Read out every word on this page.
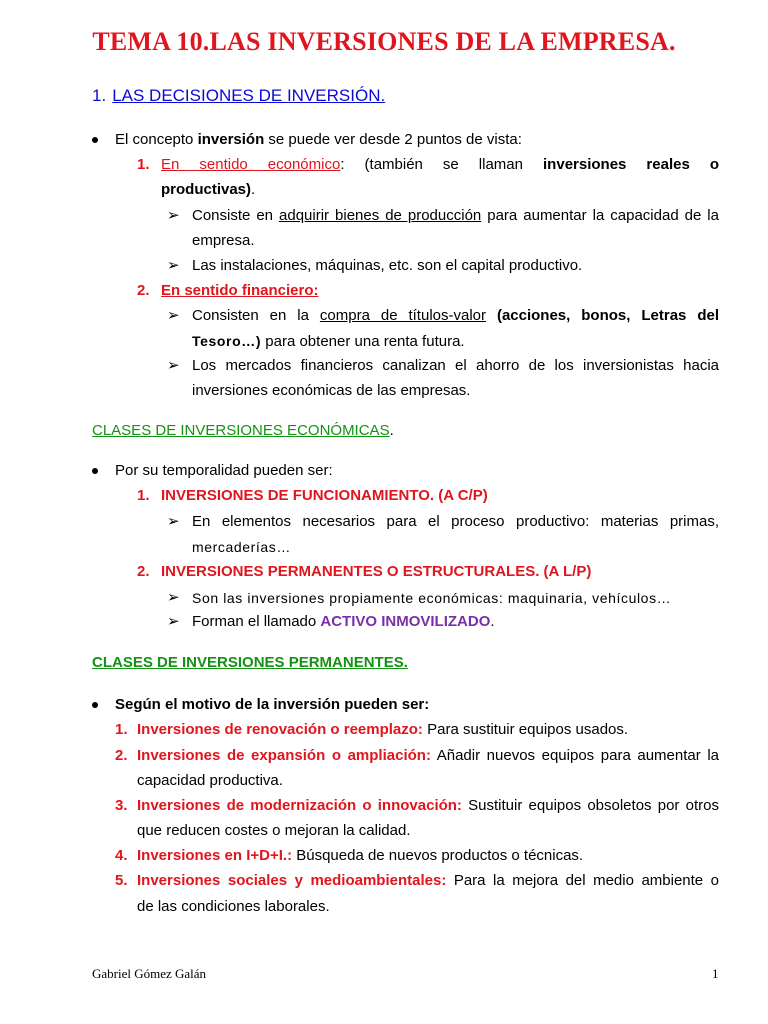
TEMA 10.LAS INVERSIONES DE LA EMPRESA.
1. LAS DECISIONES DE INVERSIÓN.
El concepto inversión se puede ver desde 2 puntos de vista:
1. En sentido económico: (también se llaman inversiones reales o
productivas).
➢ Consiste en adquirir bienes de producción para aumentar la capacidad de la
empresa.
➢ Las instalaciones, máquinas, etc. son el capital productivo.
2. En sentido financiero:
➢ Consisten en la compra de títulos-valor (acciones, bonos, Letras del
Tesoro…) para obtener una renta futura.
➢ Los mercados financieros canalizan el ahorro de los inversionistas hacia
inversiones económicas de las empresas.
CLASES DE INVERSIONES ECONÓMICAS.
Por su temporalidad pueden ser:
1. INVERSIONES DE FUNCIONAMIENTO. (A C/P)
➢ En elementos necesarios para el proceso productivo: materias primas,
mercaderías…
2. INVERSIONES PERMANENTES O ESTRUCTURALES. (A L/P)
➢ Son las inversiones propiamente económicas: maquinaria, vehículos…
➢ Forman el llamado ACTIVO INMOVILIZADO.
CLASES DE INVERSIONES PERMANENTES.
Según el motivo de la inversión pueden ser:
1. Inversiones de renovación o reemplazo: Para sustituir equipos usados.
2. Inversiones de expansión o ampliación: Añadir nuevos equipos para aumentar la
capacidad productiva.
3. Inversiones de modernización o innovación: Sustituir equipos obsoletos por otros
que reducen costes o mejoran la calidad.
4. Inversiones en I+D+I.: Búsqueda de nuevos productos o técnicas.
5. Inversiones sociales y medioambientales: Para la mejora del medio ambiente o
de las condiciones laborales.
Gabriel Gómez Galán	1
